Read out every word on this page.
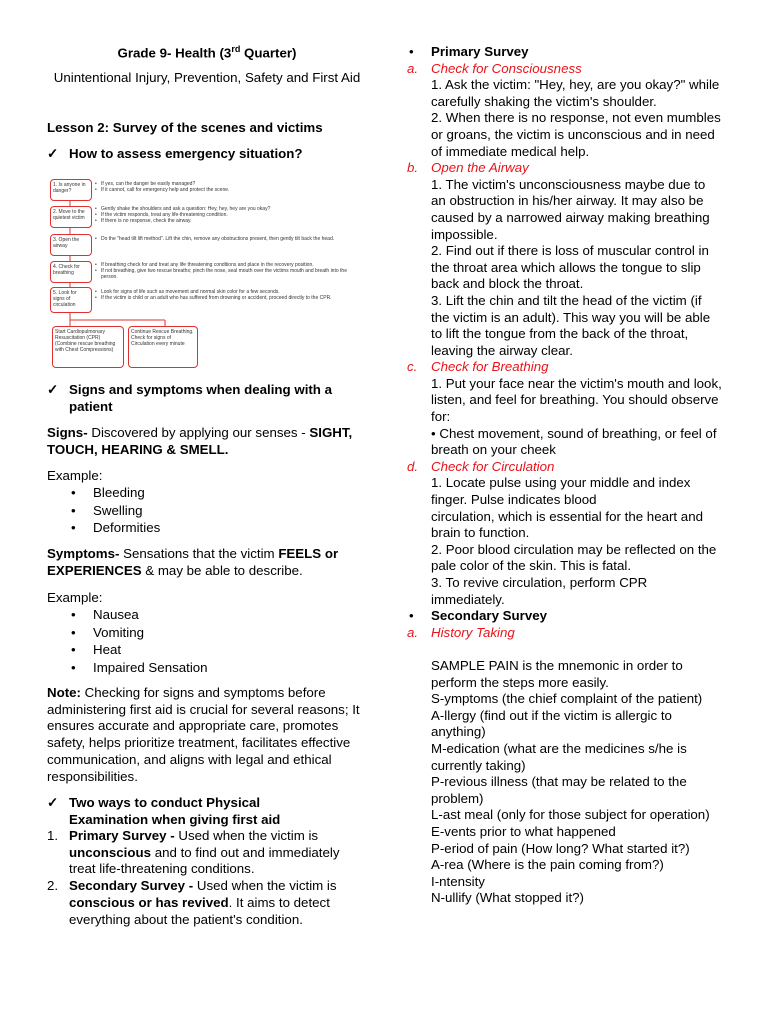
Grade 9- Health (3rd Quarter)
Unintentional Injury, Prevention, Safety and First Aid
Lesson 2: Survey of the scenes and victims
✓ How to assess emergency situation?
1. Is anyone in danger?
• If yes, can the danger be easily managed?
• If it cannot, call for emergency help and protect the scene.
2. Move to the quietest victim
• Gently shake the shoulders and ask a question: Hey, hey, hey are you okay?
• If the victim responds, treat any life-threatening condition.
• If there is no response, check the airway.
3. Open the airway
• Do the "head tilt lift method". Lift the chin, remove any obstructions present, then gently tilt back the head.
4. Check for breathing
• If breathing check for and treat any life threatening conditions and place in the recovery position.
• If not breathing, give two rescue breaths; pinch the nose, seal mouth over the victims mouth and breath into the person.
5. Look for signs of circulation
• Look for signs of life such as movement and normal skin color for a few seconds.
• If the victim is child or an adult who has suffered from drowning or accident, proceed directly to the CPR.
Start Cardiopulmonary Resuscitation (CPR) (Combine rescue breathing with Chest Compressions)
Continue Rescue Breathing. Check for signs of Circulation every minute
✓ Signs and symptoms when dealing with a patient
Signs- Discovered by applying our senses - SIGHT, TOUCH, HEARING & SMELL.
Example:
• Bleeding
• Swelling
• Deformities
Symptoms- Sensations that the victim FEELS or EXPERIENCES & may be able to describe.
Example:
• Nausea
• Vomiting
• Heat
• Impaired Sensation
Note: Checking for signs and symptoms before administering first aid is crucial for several reasons; It ensures accurate and appropriate care, promotes safety, helps prioritize treatment, facilitates effective communication, and aligns with legal and ethical responsibilities.
✓ Two ways to conduct Physical Examination when giving first aid
1. Primary Survey - Used when the victim is unconscious and to find out and immediately treat life-threatening conditions.
2. Secondary Survey - Used when the victim is conscious or has revived. It aims to detect everything about the patient's condition.
• Primary Survey
a. Check for Consciousness
1. Ask the victim: "Hey, hey, are you okay?" while carefully shaking the victim's shoulder.
2. When there is no response, not even mumbles or groans, the victim is unconscious and in need of immediate medical help.
b. Open the Airway
1. The victim's unconsciousness maybe due to an obstruction in his/her airway. It may also be caused by a narrowed airway making breathing impossible.
2. Find out if there is loss of muscular control in the throat area which allows the tongue to slip back and block the throat.
3. Lift the chin and tilt the head of the victim (if the victim is an adult). This way you will be able to lift the tongue from the back of the throat, leaving the airway clear.
c. Check for Breathing
1. Put your face near the victim's mouth and look, listen, and feel for breathing. You should observe for:
• Chest movement, sound of breathing, or feel of breath on your cheek
d. Check for Circulation
1. Locate pulse using your middle and index finger. Pulse indicates blood
circulation, which is essential for the heart and brain to function.
2. Poor blood circulation may be reflected on the pale color of the skin. This is fatal.
3. To revive circulation, perform CPR immediately.
• Secondary Survey
a. History Taking
SAMPLE PAIN is the mnemonic in order to perform the steps more easily.
S-ymptoms (the chief complaint of the patient)
A-llergy (find out if the victim is allergic to anything)
M-edication (what are the medicines s/he is currently taking)
P-revious illness (that may be related to the problem)
L-ast meal (only for those subject for operation)
E-vents prior to what happened
P-eriod of pain (How long? What started it?)
A-rea (Where is the pain coming from?)
I-ntensity
N-ullify (What stopped it?)
